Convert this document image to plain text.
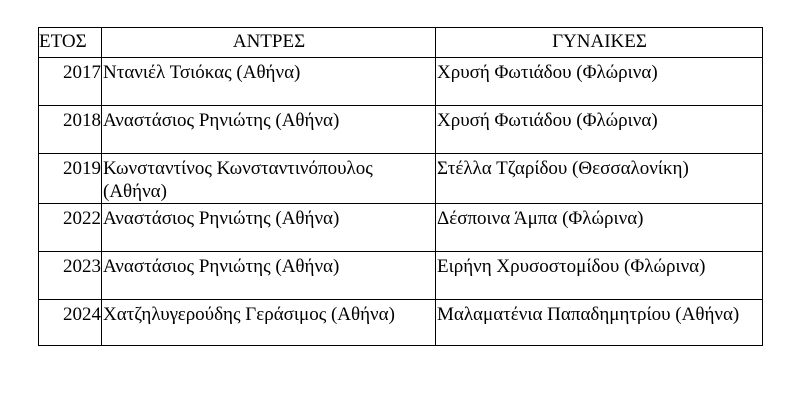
ΕΤΟΣ	ΑΝΤΡΕΣ	ΓΥΝΑΙΚΕΣ
2017	Ντανιέλ Τσιόκας (Αθήνα)	Χρυσή Φωτιάδου (Φλώρινα)
2018	Αναστάσιος Ρηνιώτης (Αθήνα)	Χρυσή Φωτιάδου (Φλώρινα)
2019	Κωνσταντίνος Κωνσταντινόπουλος (Αθήνα)	Στέλλα Τζαρίδου (Θεσσαλονίκη)
2022	Αναστάσιος Ρηνιώτης (Αθήνα)	Δέσποινα Άμπα (Φλώρινα)
2023	Αναστάσιος Ρηνιώτης (Αθήνα)	Ειρήνη Χρυσοστομίδου (Φλώρινα)
2024	Χατζηλυγερούδης Γεράσιμος (Αθήνα)	Μαλαματένια Παπαδημητρίου (Αθήνα)
